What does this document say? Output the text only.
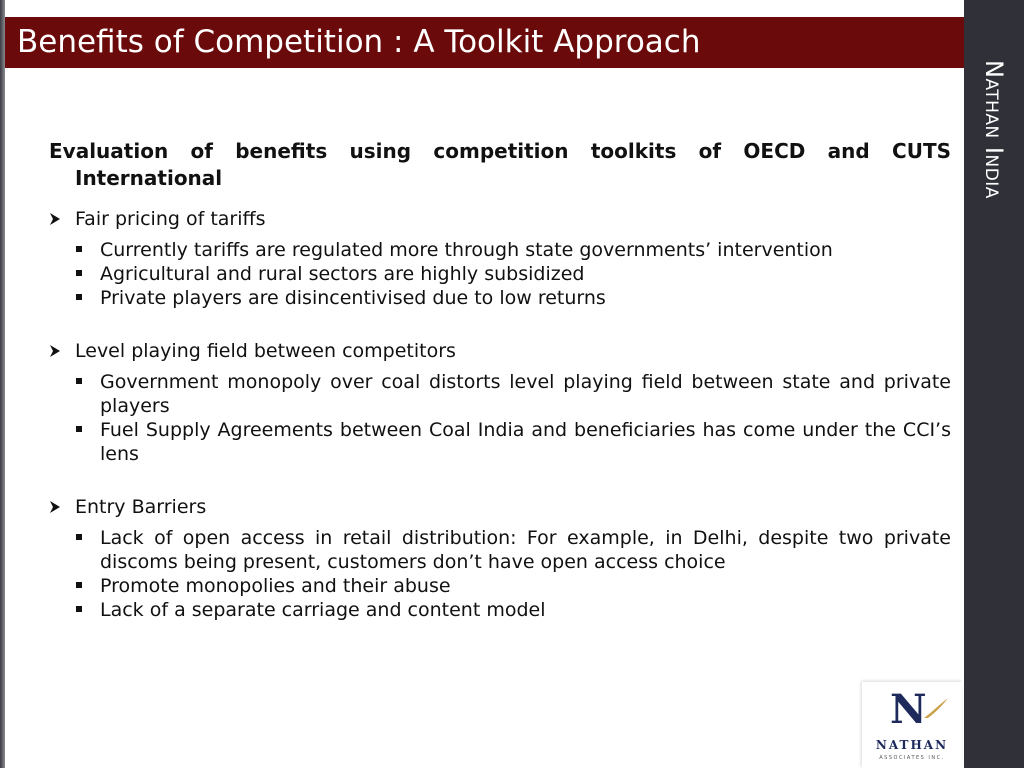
Benefits of Competition : A Toolkit Approach
Nathan India

Evaluation of benefits using competition toolkits of OECD and CUTS International

Fair pricing of tariffs

Currently tariffs are regulated more through state governments’ intervention
Agricultural and rural sectors are highly subsidized
Private players are disincentivised due to low returns

Level playing field between competitors

Government monopoly over coal distorts level playing field between state and private players
Fuel Supply Agreements between Coal India and beneficiaries has come under the CCI’s lens

Entry Barriers

Lack of open access in retail distribution: For example, in Delhi, despite two private discoms being present, customers don’t have open access choice
Promote monopolies and their abuse
Lack of a separate carriage and content model
N
NATHAN
ASSOCIATES INC.
